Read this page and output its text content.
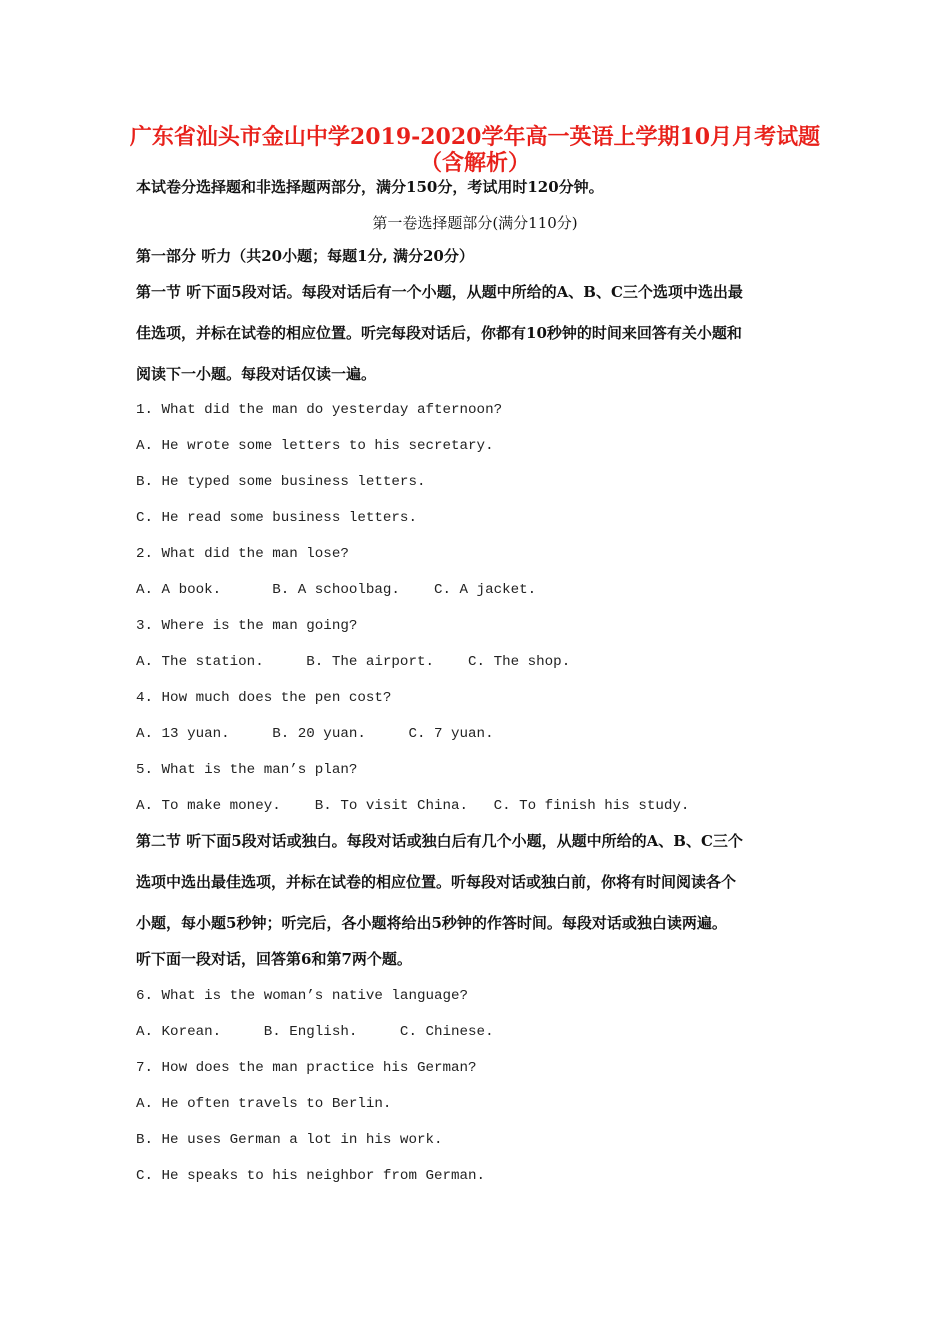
广东省汕头市金山中学2019-2020学年高一英语上学期10月月考试题
（含解析）
本试卷分选择题和非选择题两部分，满分150分，考试用时120分钟。
第一卷选择题部分(满分110分)
第一部分 听力（共20小题；每题1分, 满分20分）
第一节 听下面5段对话。每段对话后有一个小题，从题中所给的A、B、C三个选项中选出最
佳选项，并标在试卷的相应位置。听完每段对话后，你都有10秒钟的时间来回答有关小题和
阅读下一小题。每段对话仅读一遍。
1. What did the man do yesterday afternoon?
A. He wrote some letters to his secretary.
B. He typed some business letters.
C. He read some business letters.
2. What did the man lose?
A. A book.      B. A schoolbag.    C. A jacket.
3. Where is the man going?
A. The station.     B. The airport.    C. The shop.
4. How much does the pen cost?
A. 13 yuan.     B. 20 yuan.     C. 7 yuan.
5. What is the man’s plan?
A. To make money.    B. To visit China.   C. To finish his study.
第二节 听下面5段对话或独白。每段对话或独白后有几个小题，从题中所给的A、B、C三个
选项中选出最佳选项，并标在试卷的相应位置。听每段对话或独白前，你将有时间阅读各个
小题，每小题5秒钟；听完后，各小题将给出5秒钟的作答时间。每段对话或独白读两遍。
听下面一段对话，回答第6和第7两个题。
6. What is the woman’s native language?
A. Korean.     B. English.     C. Chinese.
7. How does the man practice his German?
A. He often travels to Berlin.
B. He uses German a lot in his work.
C. He speaks to his neighbor from German.
